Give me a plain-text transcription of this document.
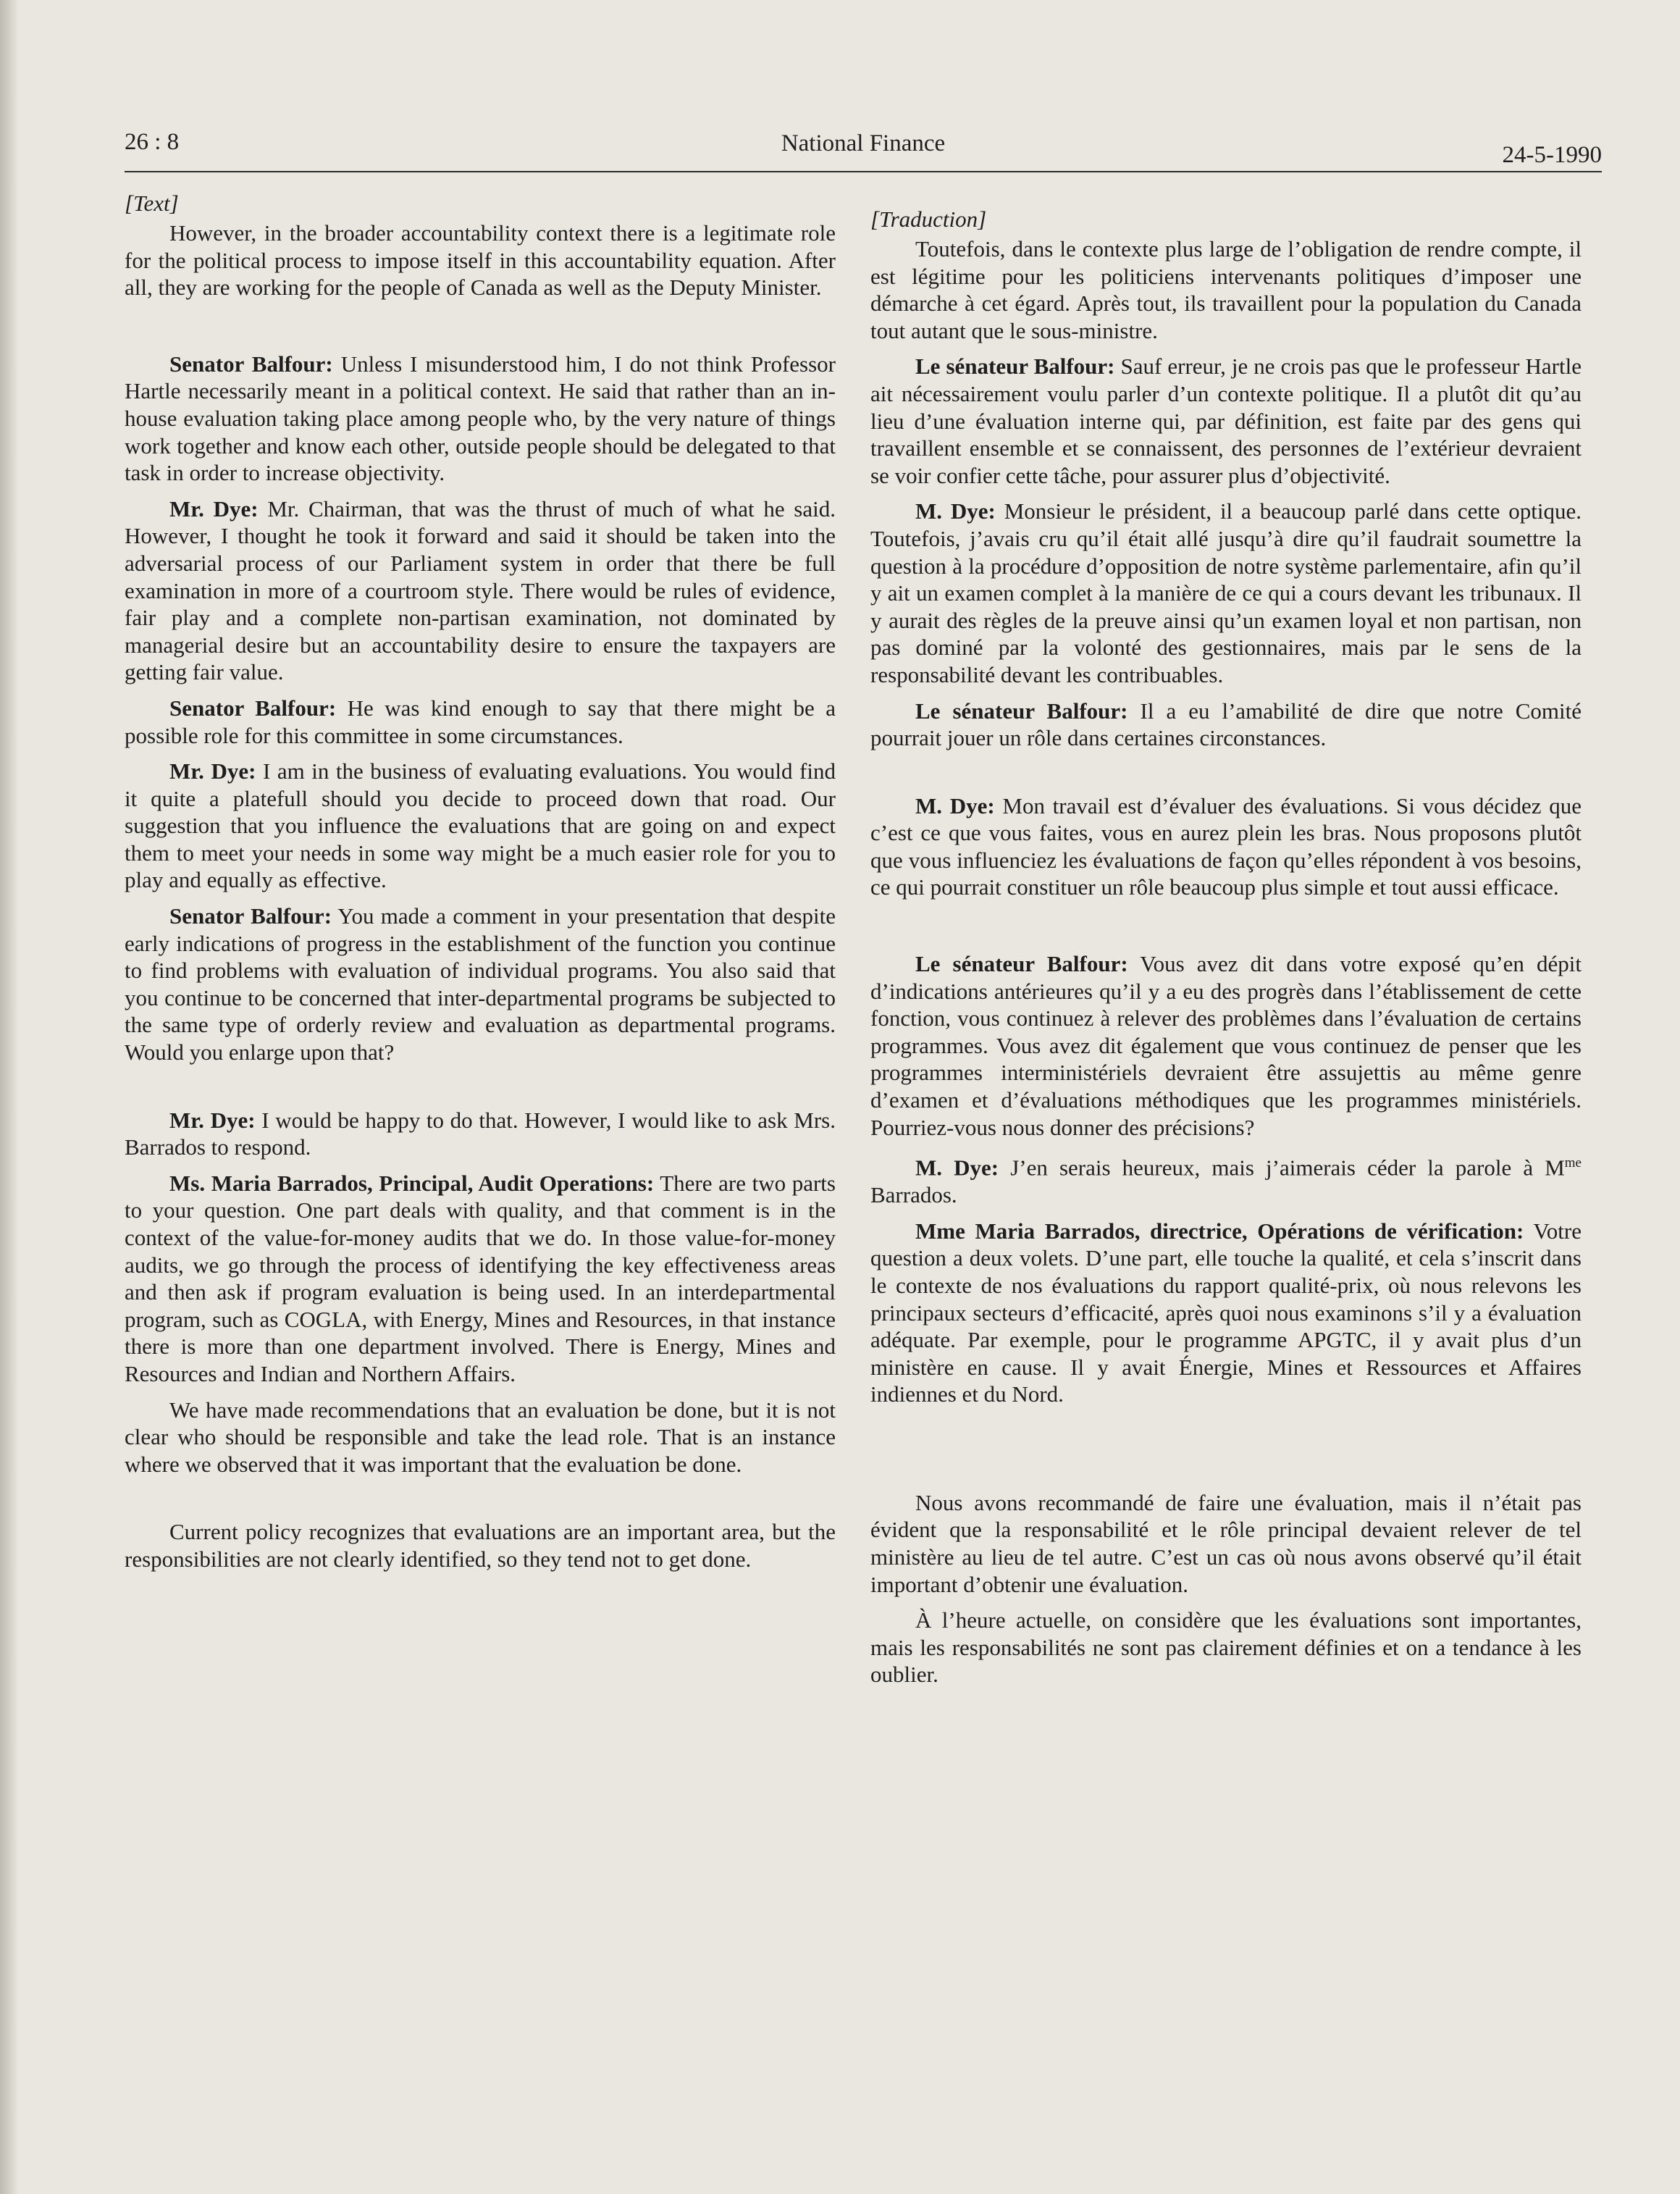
26 : 8	National Finance	24-5-1990
[Text]

However, in the broader accountability context there is a legitimate role for the political process to impose itself in this accountability equation. After all, they are working for the people of Canada as well as the Deputy Minister.

Senator Balfour: Unless I misunderstood him, I do not think Professor Hartle necessarily meant in a political context. He said that rather than an in-house evaluation taking place among people who, by the very nature of things work together and know each other, outside people should be delegated to that task in order to increase objectivity.

Mr. Dye: Mr. Chairman, that was the thrust of much of what he said. However, I thought he took it forward and said it should be taken into the adversarial process of our Parliament system in order that there be full examination in more of a courtroom style. There would be rules of evidence, fair play and a complete non-partisan examination, not dominated by managerial desire but an accountability desire to ensure the taxpayers are getting fair value.

Senator Balfour: He was kind enough to say that there might be a possible role for this committee in some circumstances.

Mr. Dye: I am in the business of evaluating evaluations. You would find it quite a platefull should you decide to proceed down that road. Our suggestion that you influence the evaluations that are going on and expect them to meet your needs in some way might be a much easier role for you to play and equally as effective.

Senator Balfour: You made a comment in your presentation that despite early indications of progress in the establishment of the function you continue to find problems with evaluation of individual programs. You also said that you continue to be concerned that inter-departmental programs be subjected to the same type of orderly review and evaluation as departmental programs. Would you enlarge upon that?

Mr. Dye: I would be happy to do that. However, I would like to ask Mrs. Barrados to respond.

Ms. Maria Barrados, Principal, Audit Operations: There are two parts to your question. One part deals with quality, and that comment is in the context of the value-for-money audits that we do. In those value-for-money audits, we go through the process of identifying the key effectiveness areas and then ask if program evaluation is being used. In an interdepartmental program, such as COGLA, with Energy, Mines and Resources, in that instance there is more than one department involved. There is Energy, Mines and Resources and Indian and Northern Affairs.

We have made recommendations that an evaluation be done, but it is not clear who should be responsible and take the lead role. That is an instance where we observed that it was important that the evaluation be done.

Current policy recognizes that evaluations are an important area, but the responsibilities are not clearly identified, so they tend not to get done.

[Traduction]

Toutefois, dans le contexte plus large de l’obligation de rendre compte, il est légitime pour les politiciens intervenants politiques d’imposer une démarche à cet égard. Après tout, ils travaillent pour la population du Canada tout autant que le sous-ministre.

Le sénateur Balfour: Sauf erreur, je ne crois pas que le professeur Hartle ait nécessairement voulu parler d’un contexte politique. Il a plutôt dit qu’au lieu d’une évaluation interne qui, par définition, est faite par des gens qui travaillent ensemble et se connaissent, des personnes de l’extérieur devraient se voir confier cette tâche, pour assurer plus d’objectivité.

M. Dye: Monsieur le président, il a beaucoup parlé dans cette optique. Toutefois, j’avais cru qu’il était allé jusqu’à dire qu’il faudrait soumettre la question à la procédure d’opposition de notre système parlementaire, afin qu’il y ait un examen complet à la manière de ce qui a cours devant les tribunaux. Il y aurait des règles de la preuve ainsi qu’un examen loyal et non partisan, non pas dominé par la volonté des gestionnaires, mais par le sens de la responsabilité devant les contribuables.

Le sénateur Balfour: Il a eu l’amabilité de dire que notre Comité pourrait jouer un rôle dans certaines circonstances.

M. Dye: Mon travail est d’évaluer des évaluations. Si vous décidez que c’est ce que vous faites, vous en aurez plein les bras. Nous proposons plutôt que vous influenciez les évaluations de façon qu’elles répondent à vos besoins, ce qui pourrait constituer un rôle beaucoup plus simple et tout aussi efficace.

Le sénateur Balfour: Vous avez dit dans votre exposé qu’en dépit d’indications antérieures qu’il y a eu des progrès dans l’établissement de cette fonction, vous continuez à relever des problèmes dans l’évaluation de certains programmes. Vous avez dit également que vous continuez de penser que les programmes interministériels devraient être assujettis au même genre d’examen et d’évaluations méthodiques que les programmes ministériels. Pourriez-vous nous donner des précisions?

M. Dye: J’en serais heureux, mais j’aimerais céder la parole à $M^{me}$ Barrados.

Mme Maria Barrados, directrice, Opérations de vérification: Votre question a deux volets. D’une part, elle touche la qualité, et cela s’inscrit dans le contexte de nos évaluations du rapport qualité-prix, où nous relevons les principaux secteurs d’efficacité, après quoi nous examinons s’il y a évaluation adéquate. Par exemple, pour le programme APGTC, il y avait plus d’un ministère en cause. Il y avait Énergie, Mines et Ressources et Affaires indiennes et du Nord.

Nous avons recommandé de faire une évaluation, mais il n’était pas évident que la responsabilité et le rôle principal devaient relever de tel ministère au lieu de tel autre. C’est un cas où nous avons observé qu’il était important d’obtenir une évaluation.

À l’heure actuelle, on considère que les évaluations sont importantes, mais les responsabilités ne sont pas clairement définies et on a tendance à les oublier.
